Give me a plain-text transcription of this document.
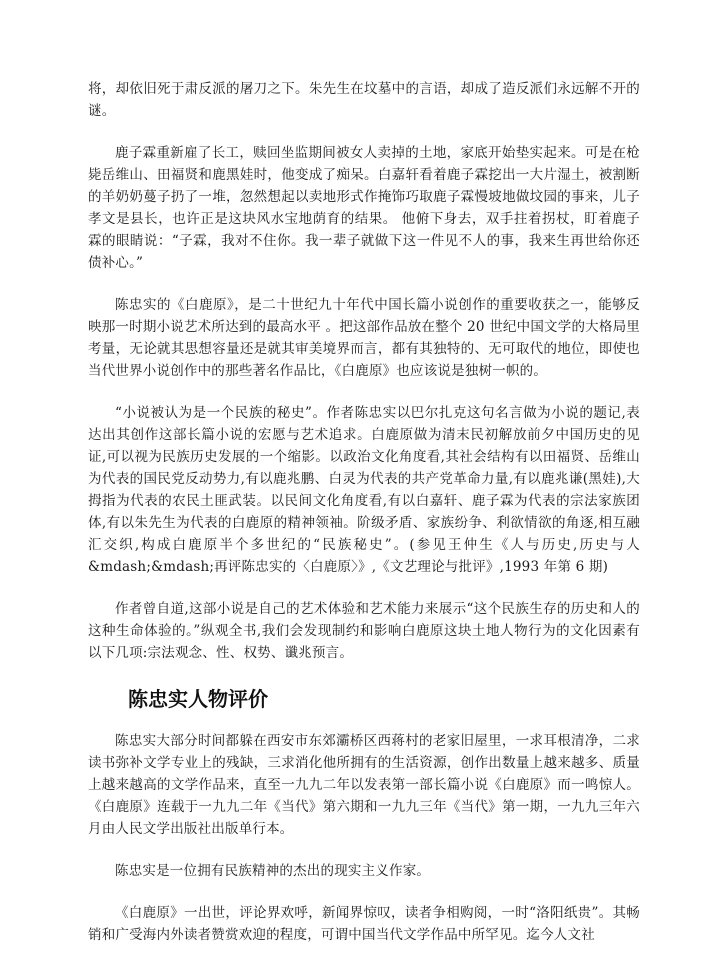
将，却依旧死于肃反派的屠刀之下。朱先生在坟墓中的言语，却成了造反派们永远解不开的谜。

鹿子霖重新雇了长工，赎回坐监期间被女人卖掉的土地，家底开始垫实起来。可是在枪毙岳维山、田福贤和鹿黑娃时，他变成了痴呆。白嘉轩看着鹿子霖挖出一大片湿土，被割断的羊奶奶蔓子扔了一堆，忽然想起以卖地形式作掩饰巧取鹿子霖慢坡地做坟园的事来，儿子孝文是县长，也许正是这块风水宝地荫育的结果。 他俯下身去，双手拄着拐杖，盯着鹿子霖的眼睛说：“子霖，我对不住你。我一辈子就做下这一件见不人的事，我来生再世给你还债补心。”

陈忠实的《白鹿原》，是二十世纪九十年代中国长篇小说创作的重要收获之一，能够反映那一时期小说艺术所达到的最高水平 。把这部作品放在整个 20 世纪中国文学的大格局里考量，无论就其思想容量还是就其审美境界而言，都有其独特的、无可取代的地位，即使也当代世界小说创作中的那些著名作品比，《白鹿原》也应该说是独树一帜的。

“小说被认为是一个民族的秘史”。作者陈忠实以巴尔扎克这句名言做为小说的题记,表达出其创作这部长篇小说的宏愿与艺术追求。白鹿原做为清末民初解放前夕中国历史的见证,可以视为民族历史发展的一个缩影。以政治文化角度看,其社会结构有以田福贤、岳维山为代表的国民党反动势力,有以鹿兆鹏、白灵为代表的共产党革命力量,有以鹿兆谦(黑娃),大拇指为代表的农民土匪武装。以民间文化角度看,有以白嘉轩、鹿子霖为代表的宗法家族团体,有以朱先生为代表的白鹿原的精神领袖。阶级矛盾、家族纷争、利欲情欲的角逐,相互融汇交织,构成白鹿原半个多世纪的“民族秘史”。(参见王仲生《人与历史,历史与人&mdash;&mdash;再评陈忠实的〈白鹿原〉》,《文艺理论与批评》,1993 年第 6 期)

作者曾自道,这部小说是自己的艺术体验和艺术能力来展示“这个民族生存的历史和人的这种生命体验的。”纵观全书,我们会发现制约和影响白鹿原这块土地人物行为的文化因素有以下几项:宗法观念、性、权势、谶兆预言。

陈忠实人物评价

陈忠实大部分时间都躲在西安市东郊灞桥区西蒋村的老家旧屋里，一求耳根清净，二求读书弥补文学专业上的残缺，三求消化他所拥有的生活资源，创作出数量上越来越多、质量上越来越高的文学作品来，直至一九九二年以发表第一部长篇小说《白鹿原》而一鸣惊人。《白鹿原》连载于一九九二年《当代》第六期和一九九三年《当代》第一期，一九九三年六月由人民文学出版社出版单行本。

陈忠实是一位拥有民族精神的杰出的现实主义作家。

《白鹿原》一出世，评论界欢呼，新闻界惊叹，读者争相购阅，一时“洛阳纸贵”。其畅销和广受海内外读者赞赏欢迎的程度，可谓中国当代文学作品中所罕见。迄今人文社
